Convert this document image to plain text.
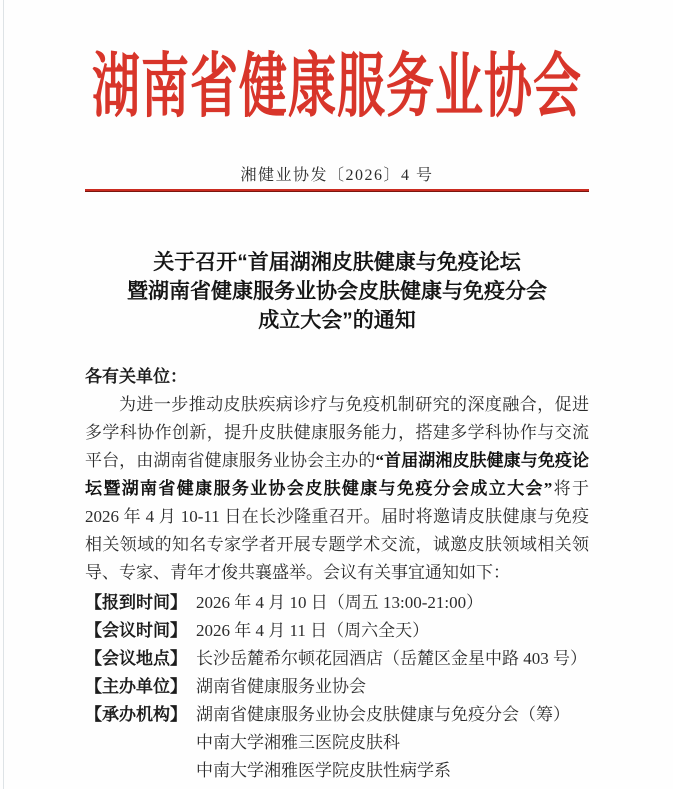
湖南省健康服务业协会
湘健业协发〔2026〕4 号
关于召开“首届湖湘皮肤健康与免疫论坛
暨湖南省健康服务业协会皮肤健康与免疫分会
成立大会”的通知
各有关单位：

为进一步推动皮肤疾病诊疗与免疫机制研究的深度融合，促进多学科协作创新，提升皮肤健康服务能力，搭建多学科协作与交流平台，由湖南省健康服务业协会主办的“首届湖湘皮肤健康与免疫论坛暨湖南省健康服务业协会皮肤健康与免疫分会成立大会”将于 2026 年 4 月 10-11 日在长沙隆重召开。届时将邀请皮肤健康与免疫相关领域的知名专家学者开展专题学术交流，诚邀皮肤领域相关领导、专家、青年才俊共襄盛举。会议有关事宜通知如下：

【报到时间】 2026 年 4 月 10 日（周五 13:00-21:00）
【会议时间】 2026 年 4 月 11 日（周六全天）
【会议地点】 长沙岳麓希尔顿花园酒店（岳麓区金星中路 403 号）
【主办单位】 湖南省健康服务业协会
【承办机构】 湖南省健康服务业协会皮肤健康与免疫分会（筹）
中南大学湘雅三医院皮肤科
中南大学湘雅医学院皮肤性病学系
